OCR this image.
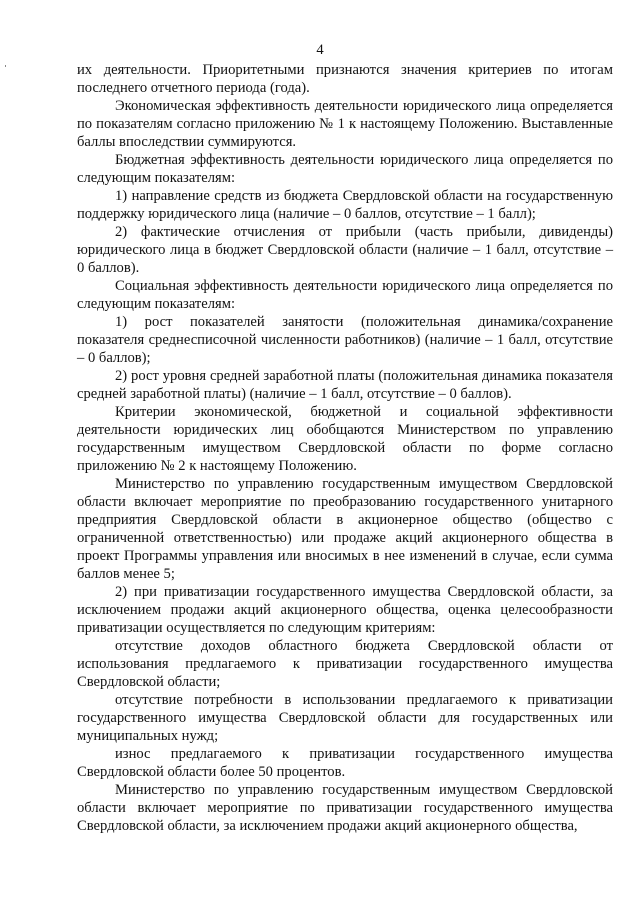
4

их деятельности. Приоритетными признаются значения критериев по итогам последнего отчетного периода (года).

Экономическая эффективность деятельности юридического лица определяется по показателям согласно приложению № 1 к настоящему Положению. Выставленные баллы впоследствии суммируются.

Бюджетная эффективность деятельности юридического лица определяется по следующим показателям:

1) направление средств из бюджета Свердловской области на государственную поддержку юридического лица (наличие – 0 баллов, отсутствие – 1 балл);

2) фактические отчисления от прибыли (часть прибыли, дивиденды) юридического лица в бюджет Свердловской области (наличие – 1 балл, отсутствие – 0 баллов).

Социальная эффективность деятельности юридического лица определяется по следующим показателям:

1) рост показателей занятости (положительная динамика/сохранение показателя среднесписочной численности работников) (наличие – 1 балл, отсутствие – 0 баллов);

2) рост уровня средней заработной платы (положительная динамика показателя средней заработной платы) (наличие – 1 балл, отсутствие – 0 баллов).

Критерии экономической, бюджетной и социальной эффективности деятельности юридических лиц обобщаются Министерством по управлению государственным имуществом Свердловской области по форме согласно приложению № 2 к настоящему Положению.

Министерство по управлению государственным имуществом Свердловской области включает мероприятие по преобразованию государственного унитарного предприятия Свердловской области в акционерное общество (общество с ограниченной ответственностью) или продаже акций акционерного общества в проект Программы управления или вносимых в нее изменений в случае, если сумма баллов менее 5;

2) при приватизации государственного имущества Свердловской области, за исключением продажи акций акционерного общества, оценка целесообразности приватизации осуществляется по следующим критериям:

отсутствие доходов областного бюджета Свердловской области от использования предлагаемого к приватизации государственного имущества Свердловской области;

отсутствие потребности в использовании предлагаемого к приватизации государственного имущества Свердловской области для государственных или муниципальных нужд;

износ предлагаемого к приватизации государственного имущества Свердловской области более 50 процентов.

Министерство по управлению государственным имуществом Свердловской области включает мероприятие по приватизации государственного имущества Свердловской области, за исключением продажи акций акционерного общества,
